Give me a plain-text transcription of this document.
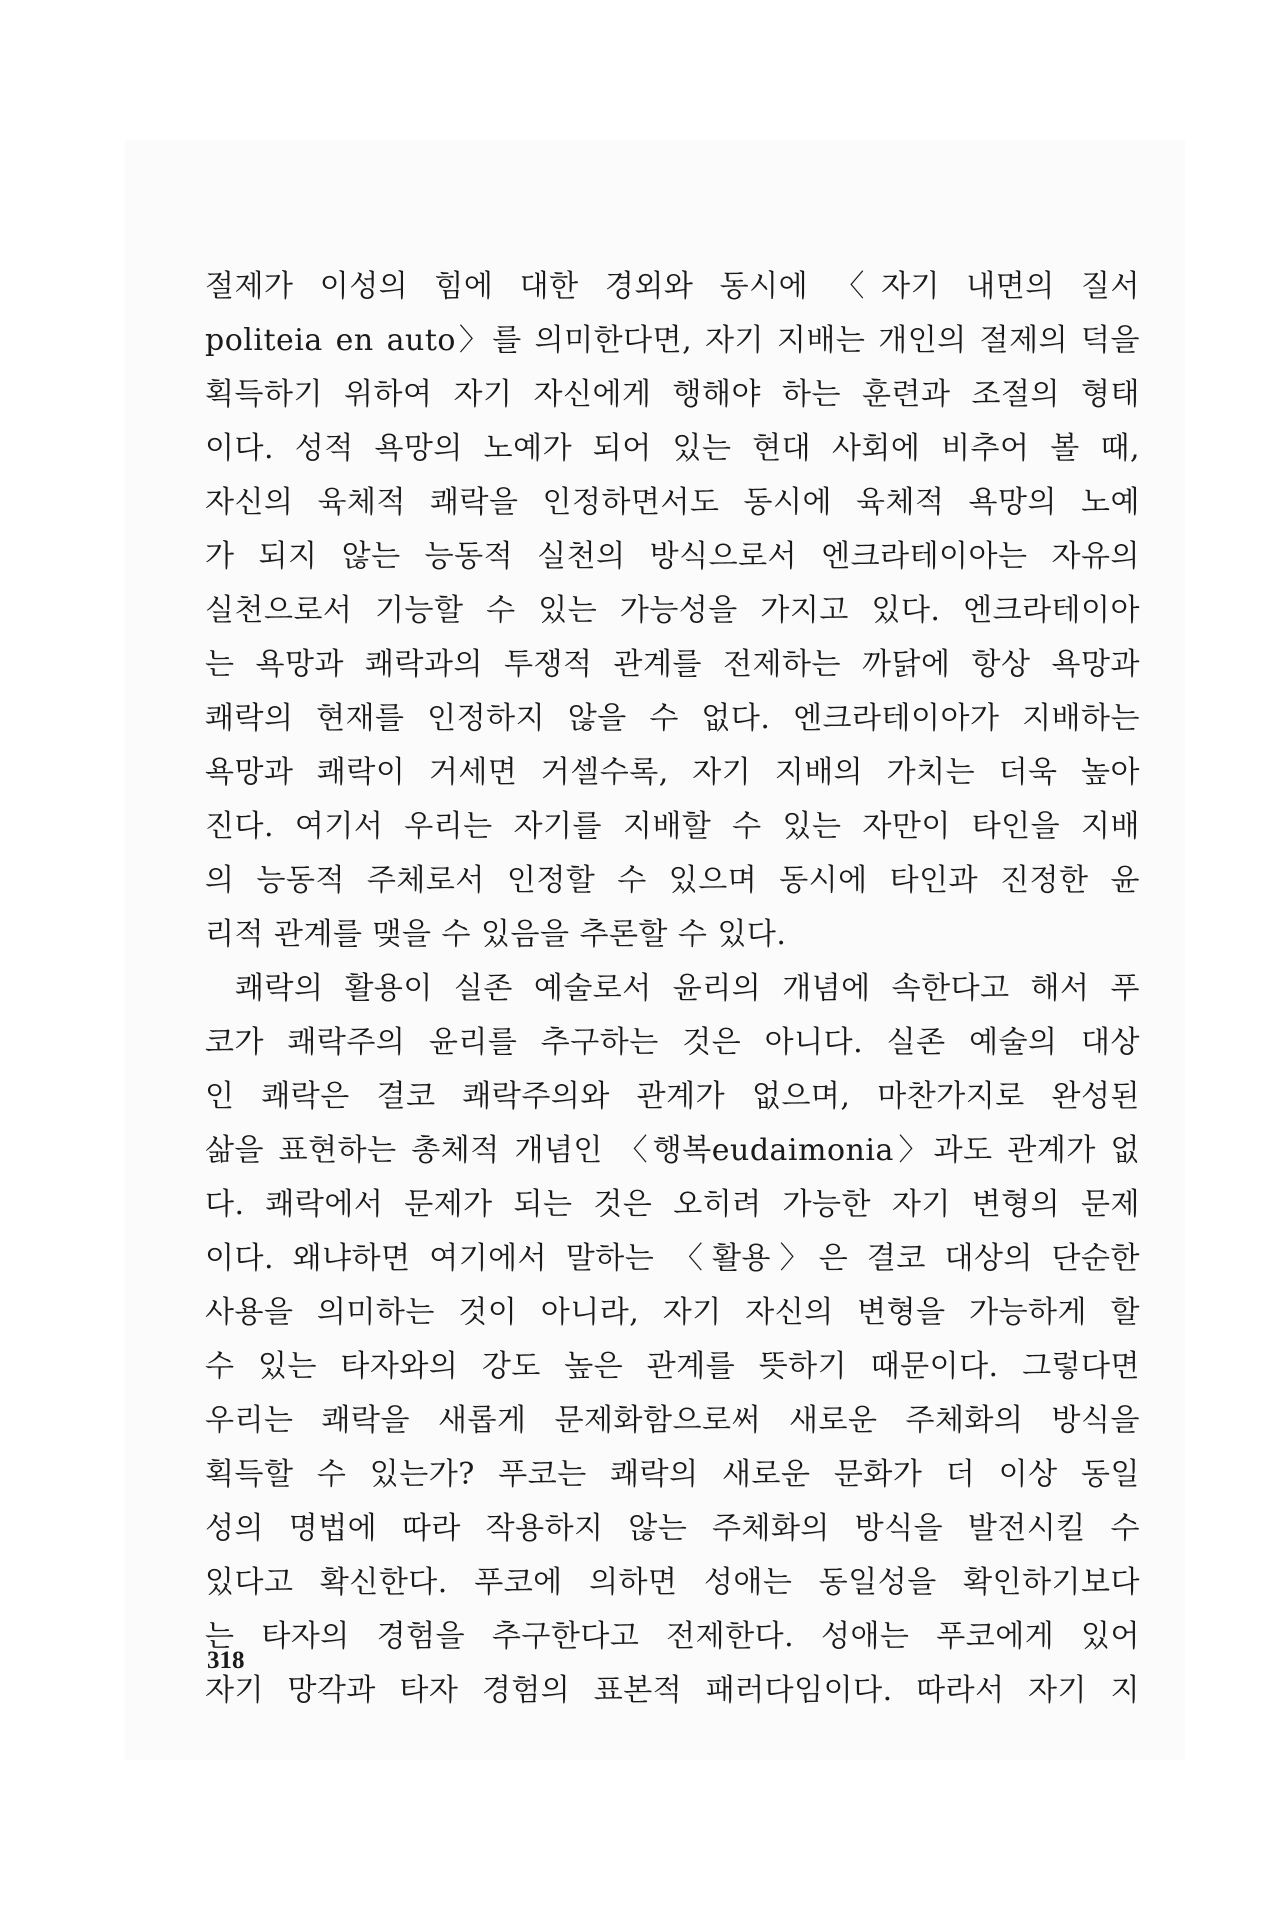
절제가 이성의 힘에 대한 경외와 동시에 〈자기 내면의 질서
politeia en auto〉를 의미한다면, 자기 지배는 개인의 절제의 덕을
획득하기 위하여 자기 자신에게 행해야 하는 훈련과 조절의 형태
이다. 성적 욕망의 노예가 되어 있는 현대 사회에 비추어 볼 때,
자신의 육체적 쾌락을 인정하면서도 동시에 육체적 욕망의 노예
가 되지 않는 능동적 실천의 방식으로서 엔크라테이아는 자유의
실천으로서 기능할 수 있는 가능성을 가지고 있다. 엔크라테이아
는 욕망과 쾌락과의 투쟁적 관계를 전제하는 까닭에 항상 욕망과
쾌락의 현재를 인정하지 않을 수 없다. 엔크라테이아가 지배하는
욕망과 쾌락이 거세면 거셀수록, 자기 지배의 가치는 더욱 높아
진다. 여기서 우리는 자기를 지배할 수 있는 자만이 타인을 지배
의 능동적 주체로서 인정할 수 있으며 동시에 타인과 진정한 윤
리적 관계를 맺을 수 있음을 추론할 수 있다.
쾌락의 활용이 실존 예술로서 윤리의 개념에 속한다고 해서 푸
코가 쾌락주의 윤리를 추구하는 것은 아니다. 실존 예술의 대상
인 쾌락은 결코 쾌락주의와 관계가 없으며, 마찬가지로 완성된
삶을 표현하는 총체적 개념인 〈행복eudaimonia〉과도 관계가 없
다. 쾌락에서 문제가 되는 것은 오히려 가능한 자기 변형의 문제
이다. 왜냐하면 여기에서 말하는 〈활용〉은 결코 대상의 단순한
사용을 의미하는 것이 아니라, 자기 자신의 변형을 가능하게 할
수 있는 타자와의 강도 높은 관계를 뜻하기 때문이다. 그렇다면
우리는 쾌락을 새롭게 문제화함으로써 새로운 주체화의 방식을
획득할 수 있는가? 푸코는 쾌락의 새로운 문화가 더 이상 동일
성의 명법에 따라 작용하지 않는 주체화의 방식을 발전시킬 수
있다고 확신한다. 푸코에 의하면 성애는 동일성을 확인하기보다
는 타자의 경험을 추구한다고 전제한다. 성애는 푸코에게 있어
자기 망각과 타자 경험의 표본적 패러다임이다. 따라서 자기 지
318
